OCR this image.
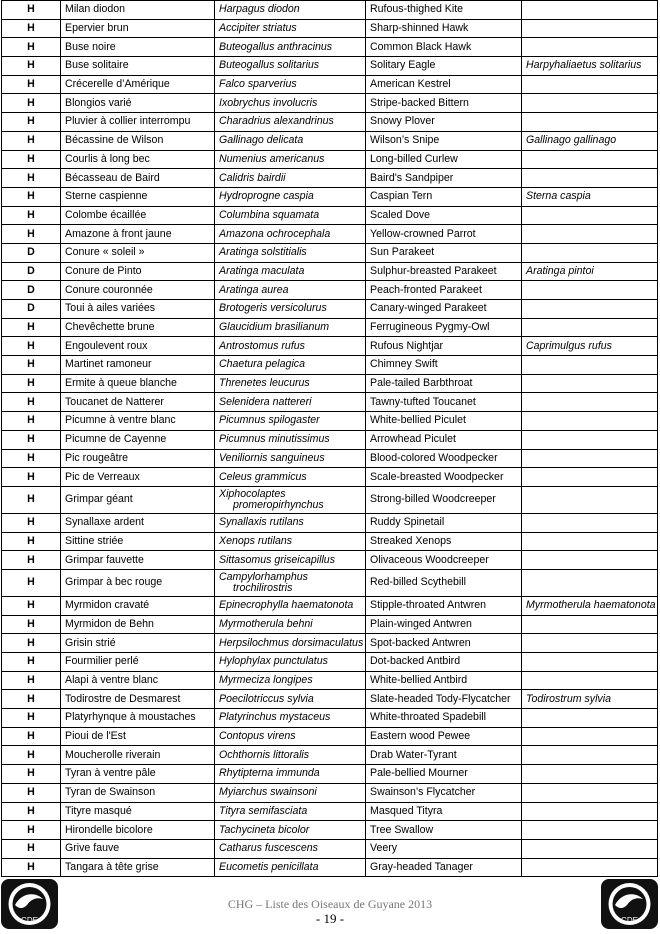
H	Milan diodon	Harpagus diodon	Rufous-thighed Kite	
H	Epervier brun	Accipiter striatus	Sharp-shinned Hawk	
H	Buse noire	Buteogallus anthracinus	Common Black Hawk	
H	Buse solitaire	Buteogallus solitarius	Solitary Eagle	Harpyhaliaetus solitarius
H	Crécerelle d’Amérique	Falco sparverius	American Kestrel	
H	Blongios varié	Ixobrychus involucris	Stripe-backed Bittern	
H	Pluvier à collier interrompu	Charadrius alexandrinus	Snowy Plover	
H	Bécassine de Wilson	Gallinago delicata	Wilson’s Snipe	Gallinago gallinago
H	Courlis à long bec	Numenius americanus	Long-billed Curlew	
H	Bécasseau de Baird	Calidris bairdii	Baird's Sandpiper	
H	Sterne caspienne	Hydroprogne caspia	Caspian Tern	Sterna caspia
H	Colombe écaillée	Columbina squamata	Scaled Dove	
H	Amazone à front jaune	Amazona ochrocephala	Yellow-crowned Parrot	
D	Conure « soleil »	Aratinga solstitialis	Sun Parakeet	
D	Conure de Pinto	Aratinga maculata	Sulphur-breasted Parakeet	Aratinga pintoi
D	Conure couronnée	Aratinga aurea	Peach-fronted Parakeet	
D	Toui à ailes variées	Brotogeris versicolurus	Canary-winged Parakeet	
H	Chevêchette brune	Glaucidium brasilianum	Ferrugineous Pygmy-Owl	
H	Engoulevent roux	Antrostomus rufus	Rufous Nightjar	Caprimulgus rufus
H	Martinet ramoneur	Chaetura pelagica	Chimney Swift	
H	Ermite à queue blanche	Threnetes leucurus	Pale-tailed Barbthroat	
H	Toucanet de Natterer	Selenidera nattereri	Tawny-tufted Toucanet	
H	Picumne à ventre blanc	Picumnus spilogaster	White-bellied Piculet	
H	Picumne de Cayenne	Picumnus minutissimus	Arrowhead Piculet	
H	Pic rougeâtre	Veniliornis sanguineus	Blood-colored Woodpecker	
H	Pic de Verreaux	Celeus grammicus	Scale-breasted Woodpecker	
H	Grimpar géant	Xiphocolaptes
promeropirhynchus	Strong-billed Woodcreeper	
H	Synallaxe ardent	Synallaxis rutilans	Ruddy Spinetail	
H	Sittine striée	Xenops rutilans	Streaked Xenops	
H	Grimpar fauvette	Sittasomus griseicapillus	Olivaceous Woodcreeper	
H	Grimpar à bec rouge	Campylorhamphus
trochilirostris	Red-billed Scythebill	
H	Myrmidon cravaté	Epinecrophylla haematonota	Stipple-throated Antwren	Myrmotherula haematonota
H	Myrmidon de Behn	Myrmotherula behni	Plain-winged Antwren	
H	Grisin strié	Herpsilochmus dorsimaculatus	Spot-backed Antwren	
H	Fourmilier perlé	Hylophylax punctulatus	Dot-backed Antbird	
H	Alapi à ventre blanc	Myrmeciza longipes	White-bellied Antbird	
H	Todirostre de Desmarest	Poecilotriccus sylvia	Slate-headed Tody-Flycatcher	Todirostrum sylvia
H	Platyrhynque à moustaches	Platyrinchus mystaceus	White-throated Spadebill	
H	Pioui de l'Est	Contopus virens	Eastern wood Pewee	
H	Moucherolle riverain	Ochthornis littoralis	Drab Water-Tyrant	
H	Tyran à ventre pâle	Rhytipterna immunda	Pale-bellied Mourner	
H	Tyran de Swainson	Myiarchus swainsoni	Swainson’s Flycatcher	
H	Tityre masqué	Tityra semifasciata	Masqued Tityra	
H	Hirondelle bicolore	Tachycineta bicolor	Tree Swallow	
H	Grive fauve	Catharus fuscescens	Veery	
H	Tangara à tête grise	Eucometis penicillata	Gray-headed Tanager	
CDE	CDE
CHG – Liste des Oiseaux de Guyane 2013
- 19 -
